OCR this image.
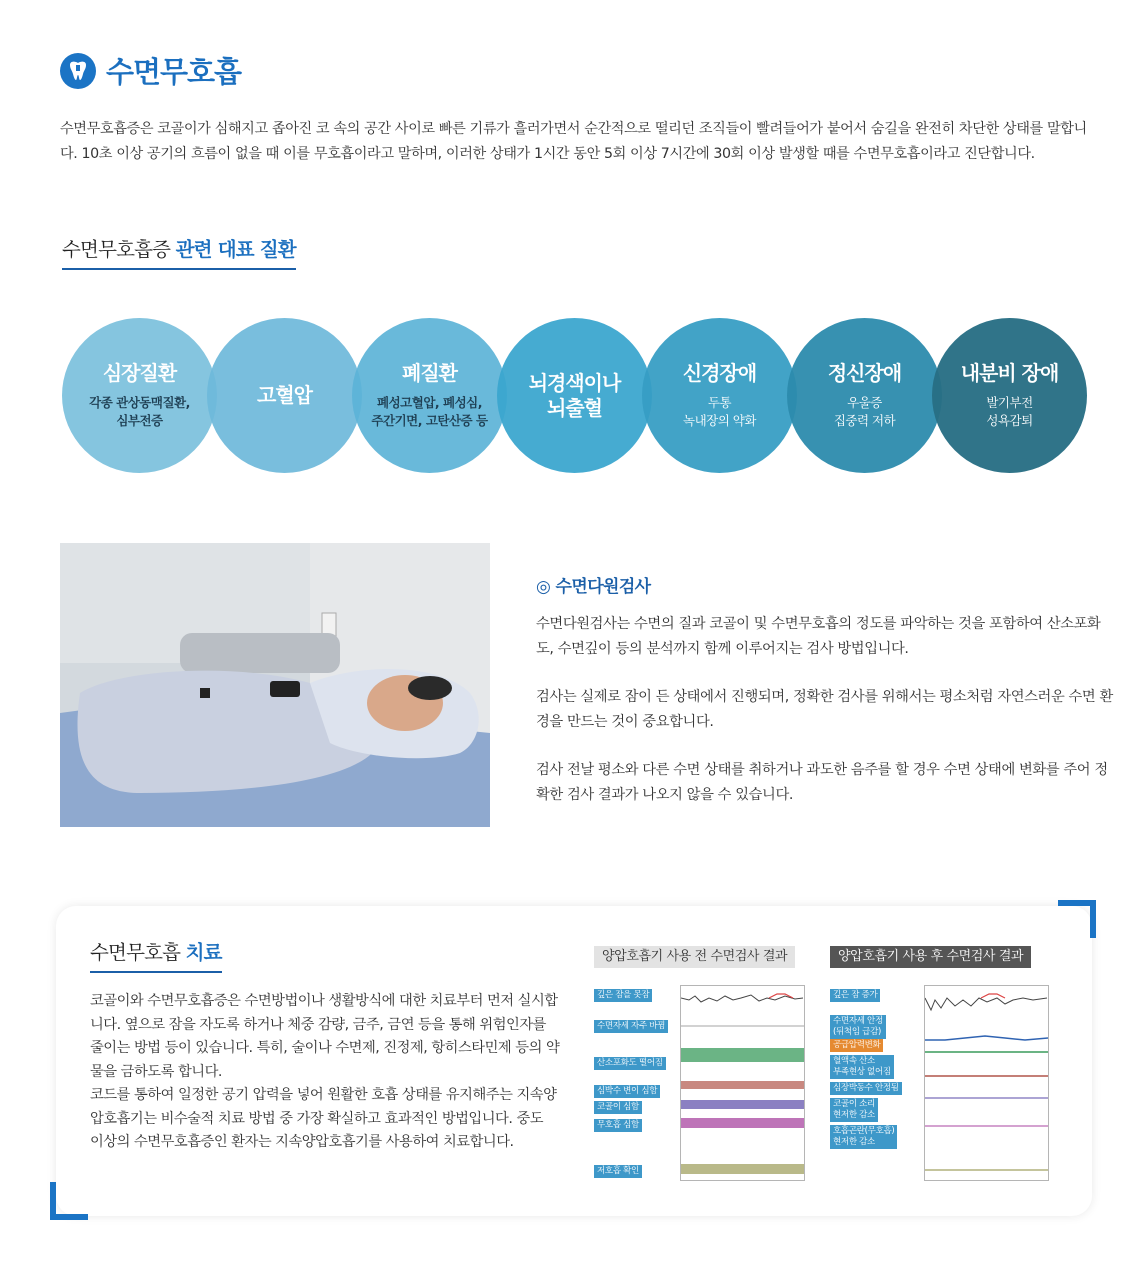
수면무호흡
수면무호흡증은 코골이가 심해지고 좁아진 코 속의 공간 사이로 빠른 기류가 흘러가면서 순간적으로 떨리던 조직들이 빨려들어가 붙어서 숨길을 완전히 차단한 상태를 말합니다. 10초 이상 공기의 흐름이 없을 때 이를 무호흡이라고 말하며, 이러한 상태가 1시간 동안 5회 이상 7시간에 30회 이상 발생할 때를 수면무호흡이라고 진단합니다.
수면무호흡증 관련 대표 질환
심장질환
각종 관상동맥질환,
심부전증
고혈압
폐질환
폐성고혈압, 폐성심,
주간기면, 고탄산증 등
뇌경색이나
뇌출혈
신경장애
두통
녹내장의 약화
정신장애
우울증
집중력 저하
내분비 장애
발기부전
성욕감퇴
◎ 수면다원검사
수면다원검사는 수면의 질과 코골이 및 수면무호흡의 정도를 파악하는 것을 포함하여 산소포화도, 수면깊이 등의 분석까지 함께 이루어지는 검사 방법입니다.
검사는 실제로 잠이 든 상태에서 진행되며, 정확한 검사를 위해서는 평소처럼 자연스러운 수면 환경을 만드는 것이 중요합니다.
검사 전날 평소와 다른 수면 상태를 취하거나 과도한 음주를 할 경우 수면 상태에 변화를 주어 정확한 검사 결과가 나오지 않을 수 있습니다.
수면무호흡 치료
코골이와 수면무호흡증은 수면방법이나 생활방식에 대한 치료부터 먼저 실시합니다. 옆으로 잠을 자도록 하거나 체중 감량, 금주, 금연 등을 통해 위험인자를 줄이는 방법 등이 있습니다. 특히, 술이나 수면제, 진정제, 항히스타민제 등의 약물을 금하도록 합니다.
코드를 통하여 일정한 공기 압력을 넣어 원활한 호흡 상태를 유지해주는 지속양압호흡기는 비수술적 치료 방법 중 가장 확실하고 효과적인 방법입니다. 중도 이상의 수면무호흡증인 환자는 지속양압호흡기를 사용하여 치료합니다.
양압호흡기 사용 전 수면검사 결과	양압호흡기 사용 후 수면검사 결과
깊은 잠을 못잠
수면자세 자주 바뀜
산소포화도 떨어짐
심박수 변이 심함
코골이 심함
무호흡 심함
저호흡 확인
깊은 잠 증가
수면자세 안정
(뒤척임 급감)
공급압력변화
혈액속 산소
부족현상 없어짐
심장박동수 안정됨
코골이 소리
현저한 감소
호흡곤란(무호흡)
현저한 감소
